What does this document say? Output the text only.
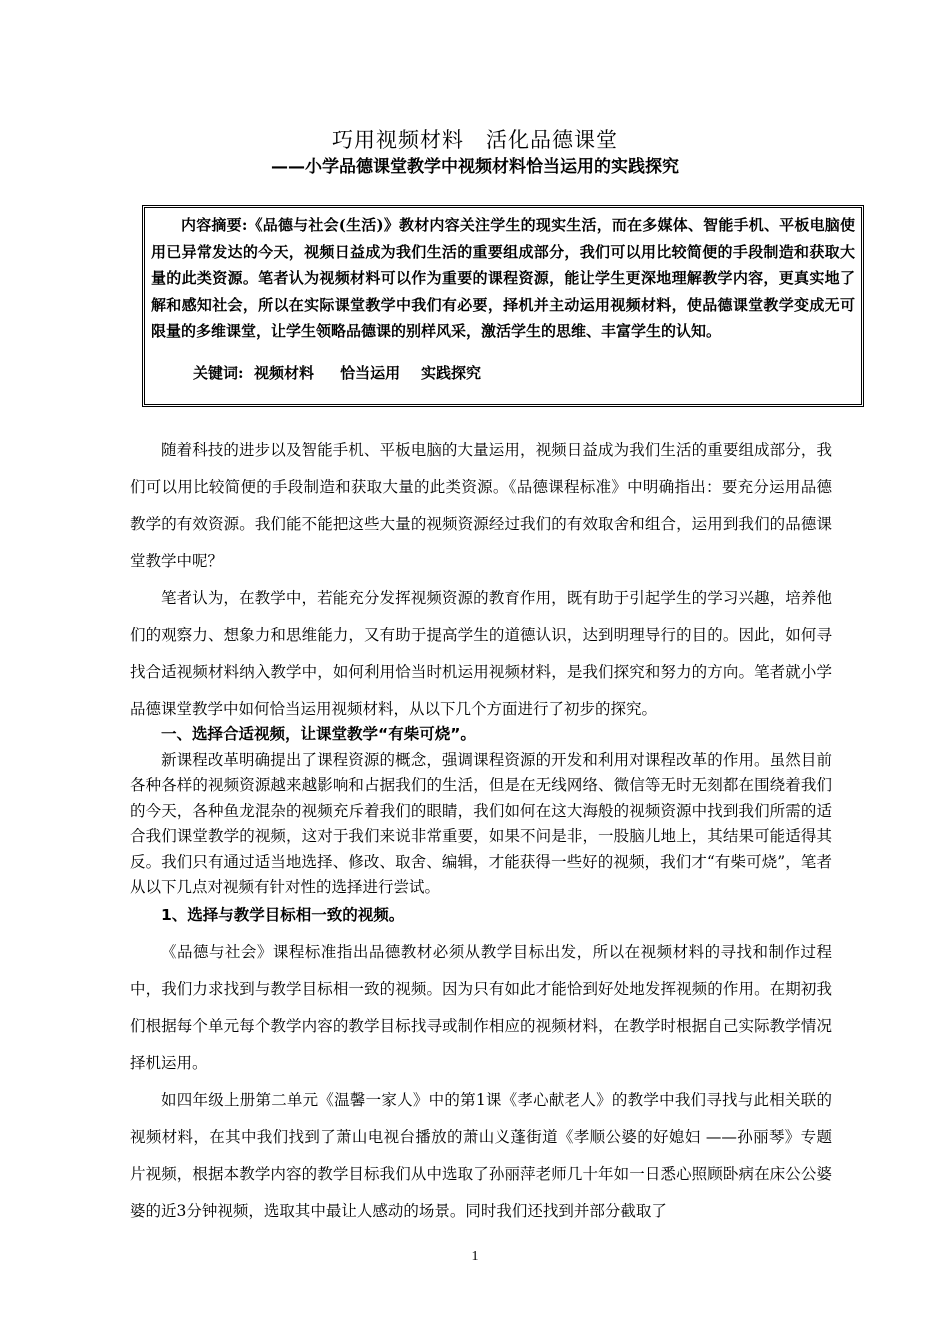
巧用视频材料　活化品德课堂
——小学品德课堂教学中视频材料恰当运用的实践探究

内容摘要:《品德与社会(生活)》教材内容关注学生的现实生活，而在多媒体、智能手机、平板电脑使用已异常发达的今天，视频日益成为我们生活的重要组成部分，我们可以用比较简便的手段制造和获取大量的此类资源。笔者认为视频材料可以作为重要的课程资源，能让学生更深地理解教学内容，更真实地了解和感知社会，所以在实际课堂教学中我们有必要，择机并主动运用视频材料，使品德课堂教学变成无可限量的多维课堂，让学生领略品德课的别样风采，激活学生的思维、丰富学生的认知。

关键词:  视频材料     恰当运用    实践探究

随着科技的进步以及智能手机、平板电脑的大量运用，视频日益成为我们生活的重要组成部分，我们可以用比较简便的手段制造和获取大量的此类资源。《品德课程标准》中明确指出：要充分运用品德教学的有效资源。我们能不能把这些大量的视频资源经过我们的有效取舍和组合，运用到我们的品德课堂教学中呢？

笔者认为，在教学中，若能充分发挥视频资源的教育作用，既有助于引起学生的学习兴趣，培养他们的观察力、想象力和思维能力，又有助于提高学生的道德认识，达到明理导行的目的。因此，如何寻找合适视频材料纳入教学中，如何利用恰当时机运用视频材料，是我们探究和努力的方向。笔者就小学品德课堂教学中如何恰当运用视频材料，从以下几个方面进行了初步的探究。

一、选择合适视频，让课堂教学“有柴可烧”。

新课程改革明确提出了课程资源的概念，强调课程资源的开发和利用对课程改革的作用。虽然目前各种各样的视频资源越来越影响和占据我们的生活，但是在无线网络、微信等无时无刻都在围绕着我们的今天，各种鱼龙混杂的视频充斥着我们的眼睛，我们如何在这大海般的视频资源中找到我们所需的适合我们课堂教学的视频，这对于我们来说非常重要，如果不问是非，一股脑儿地上，其结果可能适得其反。我们只有通过适当地选择、修改、取舍、编辑，才能获得一些好的视频，我们才“有柴可烧”，笔者从以下几点对视频有针对性的选择进行尝试。

1、选择与教学目标相一致的视频。

《品德与社会》课程标准指出品德教材必须从教学目标出发，所以在视频材料的寻找和制作过程中，我们力求找到与教学目标相一致的视频。因为只有如此才能恰到好处地发挥视频的作用。在期初我们根据每个单元每个教学内容的教学目标找寻或制作相应的视频材料，在教学时根据自己实际教学情况择机运用。

如四年级上册第二单元《温馨一家人》中的第1课《孝心献老人》的教学中我们寻找与此相关联的视频材料，在其中我们找到了萧山电视台播放的萧山义蓬街道《孝顺公婆的好媳妇 ——孙丽琴》专题片视频，根据本教学内容的教学目标我们从中选取了孙丽萍老师几十年如一日悉心照顾卧病在床公公婆婆的近3分钟视频，选取其中最让人感动的场景。同时我们还找到并部分截取了

1
